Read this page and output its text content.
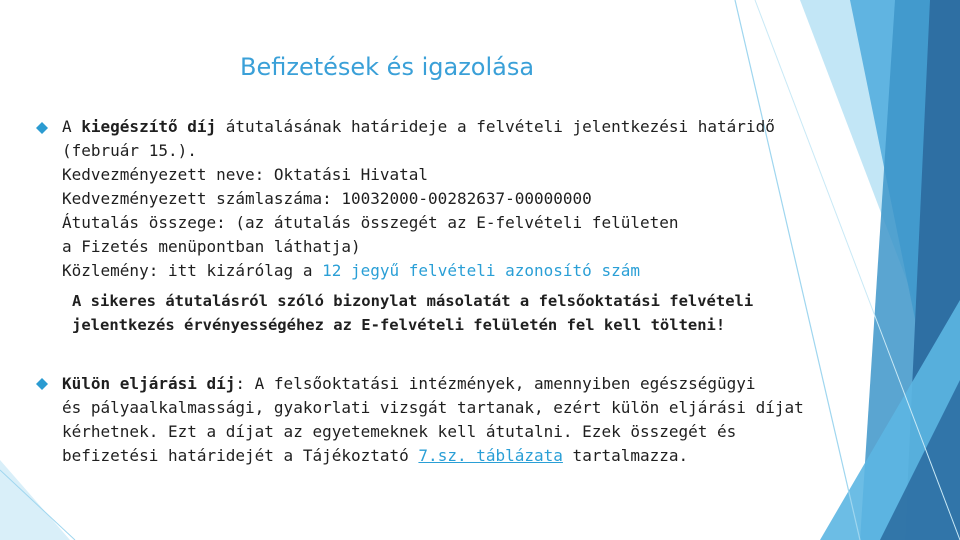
Befizetések és igazolása
A kiegészítő díj átutalásának határideje a felvételi jelentkezési határidő
(február 15.).
Kedvezményezett neve: Oktatási Hivatal
Kedvezményezett számlaszáma: 10032000-00282637-00000000
Átutalás összege: (az átutalás összegét az E-felvételi felületen
a Fizetés menüpontban láthatja)
Közlemény: itt kizárólag a 12 jegyű felvételi azonosító szám
A sikeres átutalásról szóló bizonylat másolatát a felsőoktatási felvételi
jelentkezés érvényességéhez az E-felvételi felületén fel kell tölteni!
Külön eljárási díj: A felsőoktatási intézmények, amennyiben egészségügyi
és pályaalkalmassági, gyakorlati vizsgát tartanak, ezért külön eljárási díjat
kérhetnek. Ezt a díjat az egyetemeknek kell átutalni. Ezek összegét és
befizetési határidejét a Tájékoztató 7.sz. táblázata tartalmazza.
